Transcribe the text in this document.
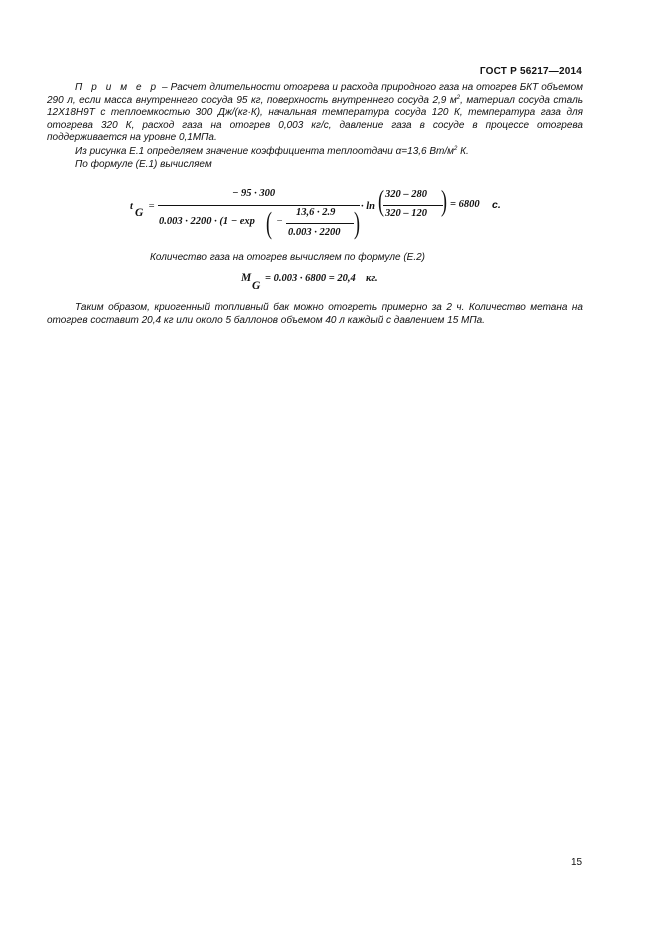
ГОСТ Р 56217—2014
П р и м е р – Расчет длительности отогрева и расхода природного газа на отогрев БКТ объемом 290 л, если масса внутреннего сосуда 95 кг, поверхность внутреннего сосуда 2,9 $м^2$, материал сосуда сталь 12Х18Н9Т с теплоемкостью 300 Дж/(кг·К), начальная температура сосуда 120 К, температура газа для отогрева 320 К, расход газа на отогрев 0,003 кг/с, давление газа в сосуде в процессе отогрева поддерживается на уровне 0,1МПа.
Из рисунка Е.1 определяем значение коэффициента теплоотдачи α=13,6 $Вт/м^2$ К.
По формуле (Е.1) вычисляем
t
G
=
− 95 · 300
0.003 · 2200 · (1 − exp ( −
13,6 · 2.9
0.003 · 2200 ) · ln ( 320 – 280
320 – 120 ) = 6800 с.
Количество газа на отогрев вычисляем по формуле (Е.2)
M
G
= 0.003 · 6800 = 20,4 кг.
Таким образом, криогенный топливный бак можно отогреть примерно за 2 ч. Количество метана на отогрев составит 20,4 кг или около 5 баллонов объемом 40 л каждый с давлением 15 МПа.
15
